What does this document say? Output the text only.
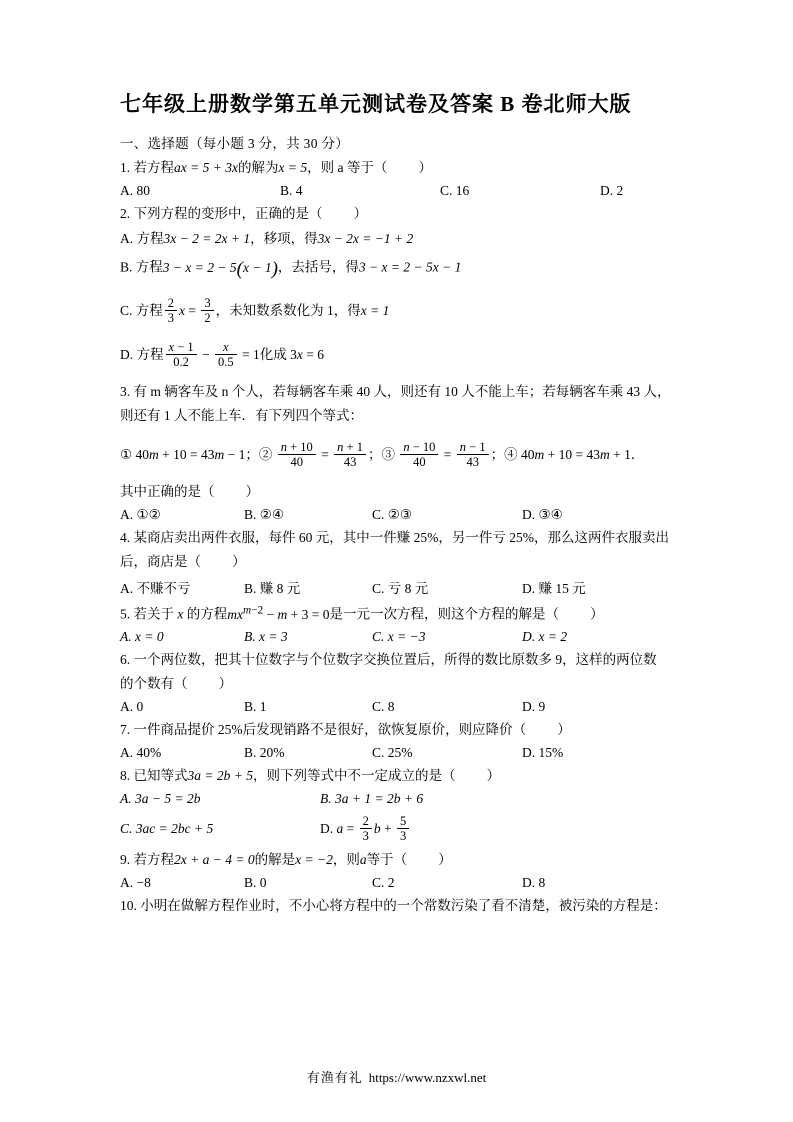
七年级上册数学第五单元测试卷及答案 B 卷北师大版
一、选择题（每小题 3 分，共 30 分）
1. 若方程ax = 5 + 3x的解为x = 5，则 a 等于（ ）
A. 80	B. 4	C. 16	D. 2
2. 下列方程的变形中，正确的是（ ）
A. 方程3x − 2 = 2x + 1，移项，得3x − 2x = −1 + 2
B. 方程3 − x = 2 − 5(x − 1)，去括号，得3 − x = 2 − 5x − 1
C. 方程 $\frac{2}{3}$ $x = \frac{3}{2}$ ，未知数系数化为 1，得x = 1
D. 方程 $\frac{x - 1}{0.2} - \frac{x}{0.5} = 1$化成 3x = 6
3. 有 m 辆客车及 n 个人，若每辆客车乘 40 人，则还有 10 人不能上车；若每辆客车乘 43 人，
则还有 1 人不能上车．有下列四个等式：
① 40m + 10 = 43m − 1；② $\frac{n + 10}{40} = \frac{n + 1}{43}$ ；③ $\frac{n - 10}{40} = \frac{n - 1}{43}$ ；④ 40m + 10 = 43m + 1．
其中正确的是（ ）
A. ①②	B. ②④	C. ②③	D. ③④
4. 某商店卖出两件衣服，每件 60 元，其中一件赚 25%，另一件亏 25%，那么这两件衣服卖出
后，商店是（ ）
A. 不赚不亏	B. 赚 8 元	C. 亏 8 元	D. 赚 15 元
5. 若关于 x 的方程$mx^{m-2} - m + 3 = 0$是一元一次方程，则这个方程的解是（ ）
A. x = 0	B. x = 3	C. x = −3	D. x = 2
6. 一个两位数，把其十位数字与个位数字交换位置后，所得的数比原数多 9，这样的两位数
的个数有（ ）
A. 0	B. 1	C. 8	D. 9
7. 一件商品提价 25%后发现销路不是很好，欲恢复原价，则应降价（ ）
A. 40%	B. 20%	C. 25%	D. 15%
8. 已知等式3a = 2b + 5，则下列等式中不一定成立的是（ ）
A. 3a − 5 = 2b	B. 3a + 1 = 2b + 6
C. 3ac = 2bc + 5	D. $a = \frac{2}{3}$ $b + \frac{5}{3}$
9. 若方程2x + a − 4 = 0的解是x = −2，则a等于（ ）
A. −8	B. 0	C. 2	D. 8
10. 小明在做解方程作业时，不小心将方程中的一个常数污染了看不清楚，被污染的方程是：
有渔有礼 https://www.nzxwl.net
